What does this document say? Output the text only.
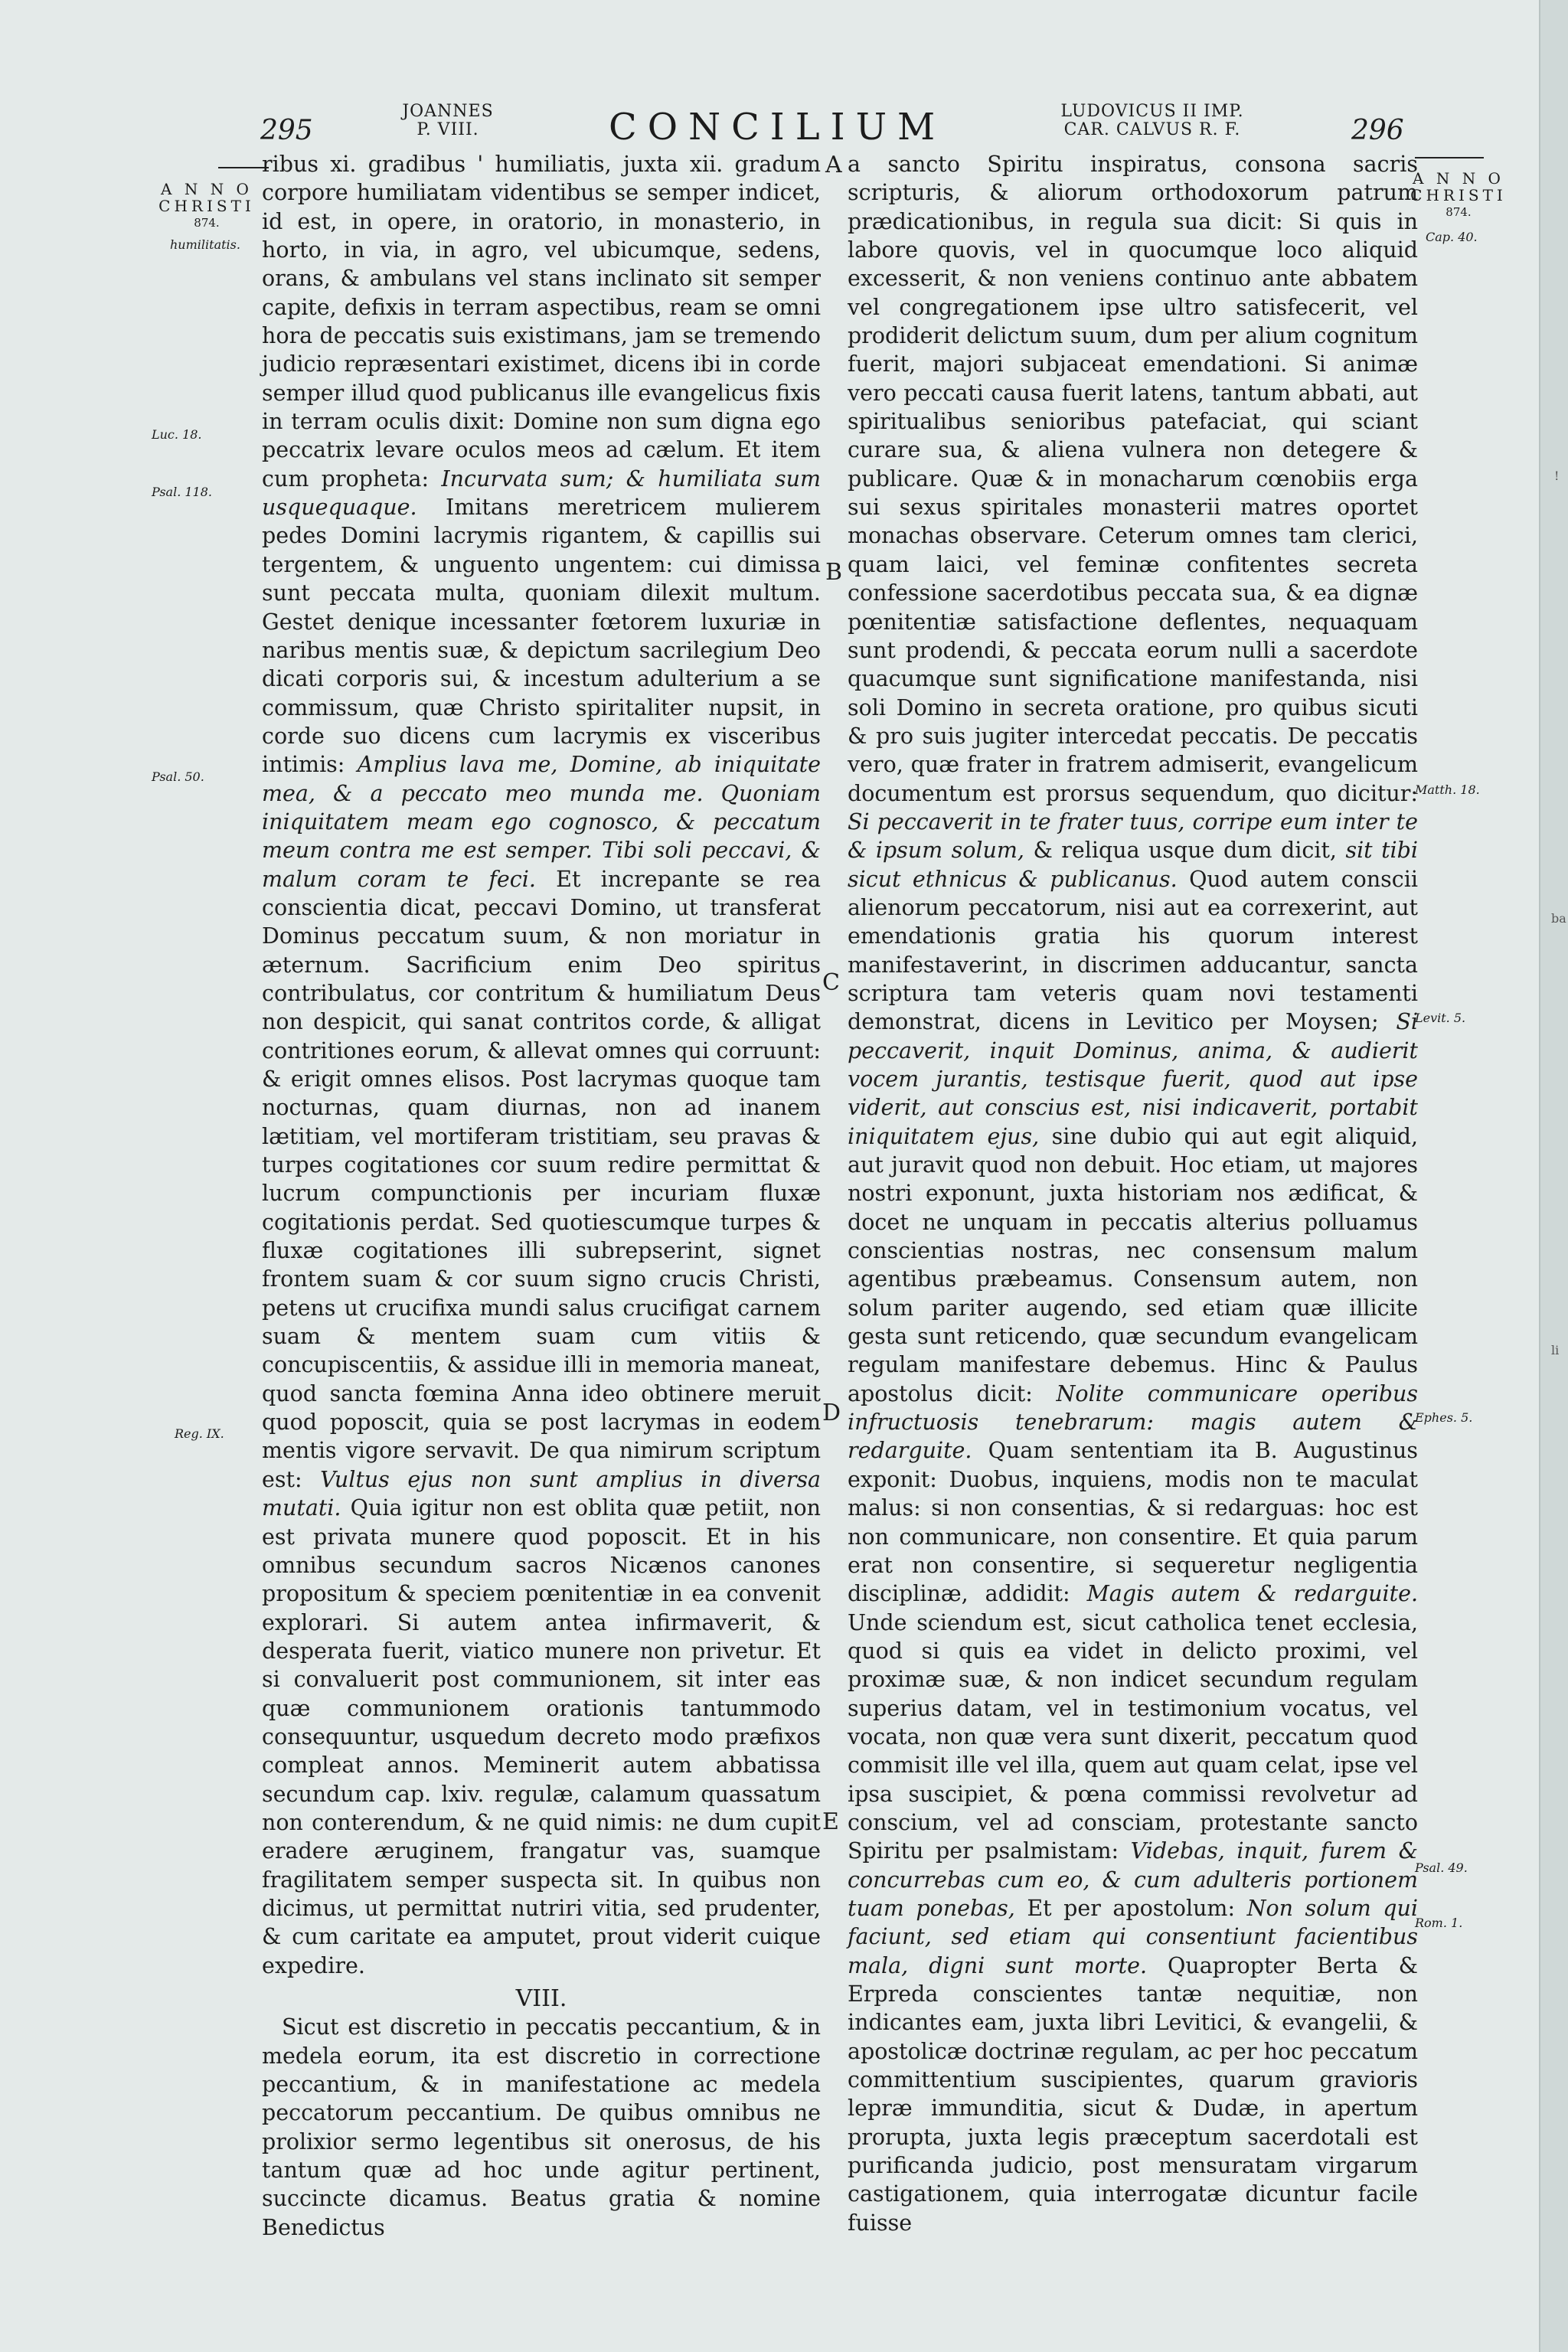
295
JOANNES
P. VIII.	CONCILIUM	LUDOVICUS II IMP.
CAR. CALVUS R. F.	296
A N N O
CHRISTI
874.
humilitatis.
Luc. 18.
Psal. 118.
Psal. 50.
Reg. IX.
A N N O
CHRISTI
874.
Cap. 40.
Matth. 18.
Levit. 5.
Ephes. 5.
Psal. 49.
Rom. 1.
A
B
C
D
E

ribus xi. gradibus ' humiliatis, juxta xii. gradum corpore humiliatam videntibus se semper indicet, id est, in opere, in oratorio, in monasterio, in horto, in via, in agro, vel ubicumque, sedens, orans, & ambulans vel stans inclinato sit semper capite, defixis in terram aspectibus, ream se omni hora de peccatis suis existimans, jam se tremendo judicio repræsentari existimet, dicens ibi in corde semper illud quod publicanus ille evangelicus fixis in terram oculis dixit: Domine non sum digna ego peccatrix levare oculos meos ad cælum. Et item cum propheta: Incurvata sum; & humiliata sum usquequaque. Imitans meretricem mulierem pedes Domini lacrymis rigantem, & capillis sui tergentem, & unguento ungentem: cui dimissa sunt peccata multa, quoniam dilexit multum. Gestet denique incessanter fœtorem luxuriæ in naribus mentis suæ, & depictum sacrilegium Deo dicati corporis sui, & incestum adulterium a se commissum, quæ Christo spiritaliter nupsit, in corde suo dicens cum lacrymis ex visceribus intimis: Amplius lava me, Domine, ab iniquitate mea, & a peccato meo munda me. Quoniam iniquitatem meam ego cognosco, & peccatum meum contra me est semper. Tibi soli peccavi, & malum coram te feci. Et increpante se rea conscientia dicat, peccavi Domino, ut transferat Dominus peccatum suum, & non moriatur in æternum. Sacrificium enim Deo spiritus contribulatus, cor contritum & humiliatum Deus non despicit, qui sanat contritos corde, & alligat contritiones eorum, & allevat omnes qui corruunt: & erigit omnes elisos. Post lacrymas quoque tam nocturnas, quam diurnas, non ad inanem lætitiam, vel mortiferam tristitiam, seu pravas & turpes cogitationes cor suum redire permittat & lucrum compunctionis per incuriam fluxæ cogitationis perdat. Sed quotiescumque turpes & fluxæ cogitationes illi subrepserint, signet frontem suam & cor suum signo crucis Christi, petens ut crucifixa mundi salus crucifigat carnem suam & mentem suam cum vitiis & concupiscentiis, & assidue illi in memoria maneat, quod sancta fœmina Anna ideo obtinere meruit quod poposcit, quia se post lacrymas in eodem mentis vigore servavit. De qua nimirum scriptum est: Vultus ejus non sunt amplius in diversa mutati. Quia igitur non est oblita quæ petiit, non est privata munere quod poposcit. Et in his omnibus secundum sacros Nicænos canones propositum & speciem pœnitentiæ in ea convenit explorari. Si autem antea infirmaverit, & desperata fuerit, viatico munere non privetur. Et si convaluerit post communionem, sit inter eas quæ communionem orationis tantummodo consequuntur, usquedum decreto modo præfixos compleat annos. Meminerit autem abbatissa secundum cap. lxiv. regulæ, calamum quassatum non conterendum, & ne quid nimis: ne dum cupit eradere æruginem, frangatur vas, suamque fragilitatem semper suspecta sit. In quibus non dicimus, ut permittat nutriri vitia, sed prudenter, & cum caritate ea amputet, prout viderit cuique expedire.

VIII.

Sicut est discretio in peccatis peccantium, & in medela eorum, ita est discretio in correctione peccantium, & in manifestatione ac medela peccatorum peccantium. De quibus omnibus ne prolixior sermo legentibus sit onerosus, de his tantum quæ ad hoc unde agitur pertinent, succincte dicamus. Beatus gratia & nomine Benedictus

a sancto Spiritu inspiratus, consona sacris scripturis, & aliorum orthodoxorum patrum prædicationibus, in regula sua dicit: Si quis in labore quovis, vel in quocumque loco aliquid excesserit, & non veniens continuo ante abbatem vel congregationem ipse ultro satisfecerit, vel prodiderit delictum suum, dum per alium cognitum fuerit, majori subjaceat emendationi. Si animæ vero peccati causa fuerit latens, tantum abbati, aut spiritualibus senioribus patefaciat, qui sciant curare sua, & aliena vulnera non detegere & publicare. Quæ & in monacharum cœnobiis erga sui sexus spiritales monasterii matres oportet monachas observare. Ceterum omnes tam clerici, quam laici, vel feminæ confitentes secreta confessione sacerdotibus peccata sua, & ea dignæ pœnitentiæ satisfactione deflentes, nequaquam sunt prodendi, & peccata eorum nulli a sacerdote quacumque sunt significatione manifestanda, nisi soli Domino in secreta oratione, pro quibus sicuti & pro suis jugiter intercedat peccatis. De peccatis vero, quæ frater in fratrem admiserit, evangelicum documentum est prorsus sequendum, quo dicitur: Si peccaverit in te frater tuus, corripe eum inter te & ipsum solum, & reliqua usque dum dicit, sit tibi sicut ethnicus & publicanus. Quod autem conscii alienorum peccatorum, nisi aut ea correxerint, aut emendationis gratia his quorum interest manifestaverint, in discrimen adducantur, sancta scriptura tam veteris quam novi testamenti demonstrat, dicens in Levitico per Moysen; Si peccaverit, inquit Dominus, anima, & audierit vocem jurantis, testisque fuerit, quod aut ipse viderit, aut conscius est, nisi indicaverit, portabit iniquitatem ejus, sine dubio qui aut egit aliquid, aut juravit quod non debuit. Hoc etiam, ut majores nostri exponunt, juxta historiam nos ædificat, & docet ne unquam in peccatis alterius polluamus conscientias nostras, nec consensum malum agentibus præbeamus. Consensum autem, non solum pariter augendo, sed etiam quæ illicite gesta sunt reticendo, quæ secundum evangelicam regulam manifestare debemus. Hinc & Paulus apostolus dicit: Nolite communicare operibus infructuosis tenebrarum: magis autem & redarguite. Quam sententiam ita B. Augustinus exponit: Duobus, inquiens, modis non te maculat malus: si non consentias, & si redarguas: hoc est non communicare, non consentire. Et quia parum erat non consentire, si sequeretur negligentia disciplinæ, addidit: Magis autem & redarguite. Unde sciendum est, sicut catholica tenet ecclesia, quod si quis ea videt in delicto proximi, vel proximæ suæ, & non indicet secundum regulam superius datam, vel in testimonium vocatus, vel vocata, non quæ vera sunt dixerit, peccatum quod commisit ille vel illa, quem aut quam celat, ipse vel ipsa suscipiet, & pœna commissi revolvetur ad conscium, vel ad consciam, protestante sancto Spiritu per psalmistam: Videbas, inquit, furem & concurrebas cum eo, & cum adulteris portionem tuam ponebas, Et per apostolum: Non solum qui faciunt, sed etiam qui consentiunt facientibus mala, digni sunt morte. Quapropter Berta & Erpreda conscientes tantæ nequitiæ, non indicantes eam, juxta libri Levitici, & evangelii, & apostolicæ doctrinæ regulam, ac per hoc peccatum committentium suscipientes, quarum gravioris lepræ immunditia, sicut & Dudæ, in apertum prorupta, juxta legis præceptum sacerdotali est purificanda judicio, post mensuratam virgarum castigationem, quia interrogatæ dicuntur facile fuisse

!
ba
li
